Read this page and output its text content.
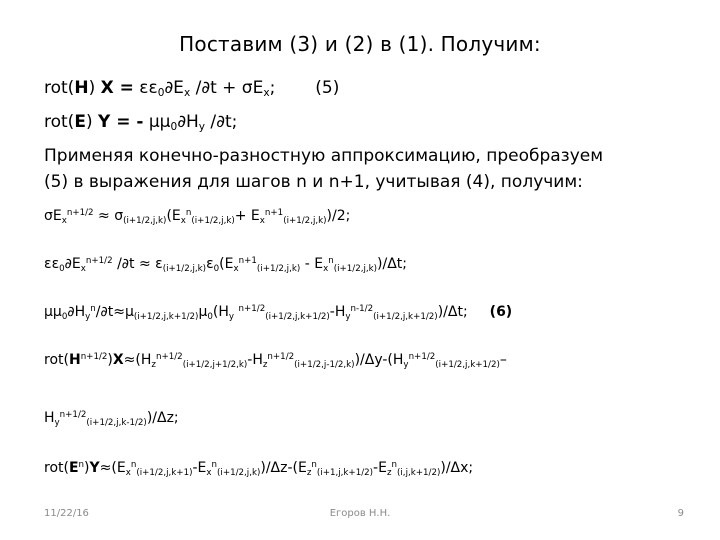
Поставим (3) и (2) в (1). Получим:
rot(H) $X = \varepsilon\varepsilon_0\partial E_x$ $/\partial t + \sigma E_x$; (5)
rot(E) Y = - $\mu\mu_0\partial H_y$ /∂t;
Применяя конечно-разностную аппроксимацию, преобразуем
(5) в выражения для шагов n и n+1, учитывая (4), получим:
$\sigma E_x^{n+1/2} \approx \sigma_{(i+1/2,j,k)}(E_x^n_{(i+1/2,j,k)}+ E_x^{n+1}_{(i+1/2,j,k)})/2$;
$\varepsilon\varepsilon_0\partial E_x^{n+1/2}$ $/\partial t \approx \varepsilon_{(i+1/2,j,k)}\varepsilon_0(E_x^{n+1}_{(i+1/2,j,k)} - E_x^n_{(i+1/2,j,k)})/\Delta t$;
$\mu\mu_0\partial H_y^n/\partial t\approx\mu_{(i+1/2,j,k+1/2)}\mu_0(H_y$ $^{n+1/2}_{(i+1/2,j,k+1/2)}-H_y^{n-1/2}_{(i+1/2,j,k+1/2)})/\Delta t$; (6)
$rot(H^{n+1/2})X\approx(H_z^{n+1/2}_{(i+1/2,j+1/2,k)}-H_z^{n+1/2}_{(i+1/2,j-1/2,k)})/\Delta y-(H_y^{n+1/2}_{(i+1/2,j,k+1/2)}-$
$H_y^{n+1/2}_{(i+1/2,j,k-1/2)})/\Delta z$;
$rot(E^n)Y\approx(E_x^n_{(i+1/2,j,k+1)}-E_x^n_{(i+1/2,j,k)})/\Delta z-(E_z^n_{(i+1,j,k+1/2)}-E_z^n_{(i,j,k+1/2)})/\Delta x$;
11/22/16	Егоров Н.Н.	9
